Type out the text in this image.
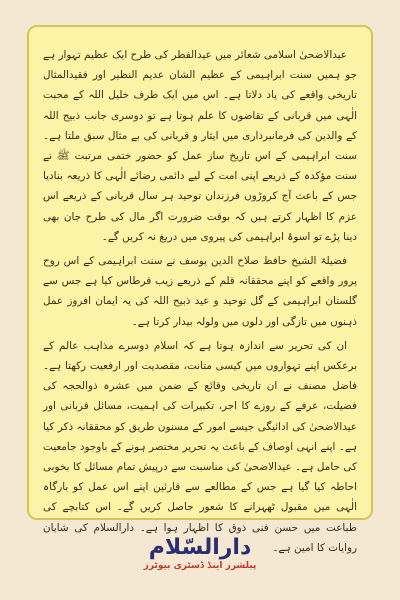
عیدالاضحیٰ اسلامی شعائر میں عیدالفطر کی طرح ایک عظیم تہوار ہے جو ہمیں سنت ابراہیمی کے عظیم الشان عدیم النظیر اور فقیدالمثال تاریخی واقعے کی یاد دلاتا ہے۔ اس میں ایک طرف خلیل اللہ کے محبت الٰہی میں قربانی کے تقاضوں کا علم ہوتا ہے تو دوسری جانب ذبیح اللہ کے والدین کی فرمانبرداری میں ایثار و قربانی کی بے مثال سبق ملتا ہے۔ سنت ابراہیمی کے اس تاریخ ساز عمل کو حضور ختمی مرتبت ﷺ نے سنت مؤکدہ کے ذریعے اپنی امت کے لیے دائمی رضائے الٰہی کا ذریعہ بنادیا جس کے باعث آج کروڑوں فرزندان توحید ہر سال قربانی کے ذریعے اس عزم کا اظہار کرتے ہیں کہ بوقت ضرورت اگر مال کی طرح جان بھی دینا پڑے تو اسوۂ ابراہیمی کی پیروی میں دریغ نہ کریں گے۔

فضیلۃ الشیخ حافظ صلاح الدین یوسف نے سنت ابراہیمی کے اس روح پرور واقعے کو اپنے محققانہ قلم کے ذریعے زیب قرطاس کیا ہے جس سے گلستان ابراہیمی کے گل توحید و عید ذبیح اللہ کی یہ ایمان افروز عمل ذہنوں میں تازگی اور دلوں میں ولولہ بیدار کرتا ہے۔

ان کی تحریر سے اندازہ ہوتا ہے کہ اسلام دوسرے مذاہب عالم کے برعکس اپنے تہواروں میں کیسی متانت، مقصدیت اور ارفعیت رکھتا ہے۔ فاضل مصنف نے ان تاریخی وقائع کے ضمن میں عشرہ ذوالحجہ کی فضیلت، عرفے کے روزے کا اجر، تکبیرات کی اہمیت، مسائل قربانی اور عیدالاضحیٰ کی ادائیگی جیسے امور کے مسنون طریق کو محققانہ ذکر کیا ہے۔ اپنے انہی اوصاف کے باعث یہ تحریر مختصر ہونے کے باوجود جامعیت کی حامل ہے۔ عیدالاضحیٰ کی مناسبت سے درپیش تمام مسائل کا بخوبی احاطہ کیا گیا ہے جس کے مطالعے سے قارئین اپنے اس عمل کو بارگاہ الٰہی میں مقبول ٹھہرانے کا شعور حاصل کریں گے۔ اس کتابچے کی طباعت میں حسن فنی ذوق کا اظہار ہوا ہے۔ دارالسلام کی شایان روایات کا امین ہے۔

دارالسّلام
پبلشرز اینڈ ڈسٹری بیوٹرز
